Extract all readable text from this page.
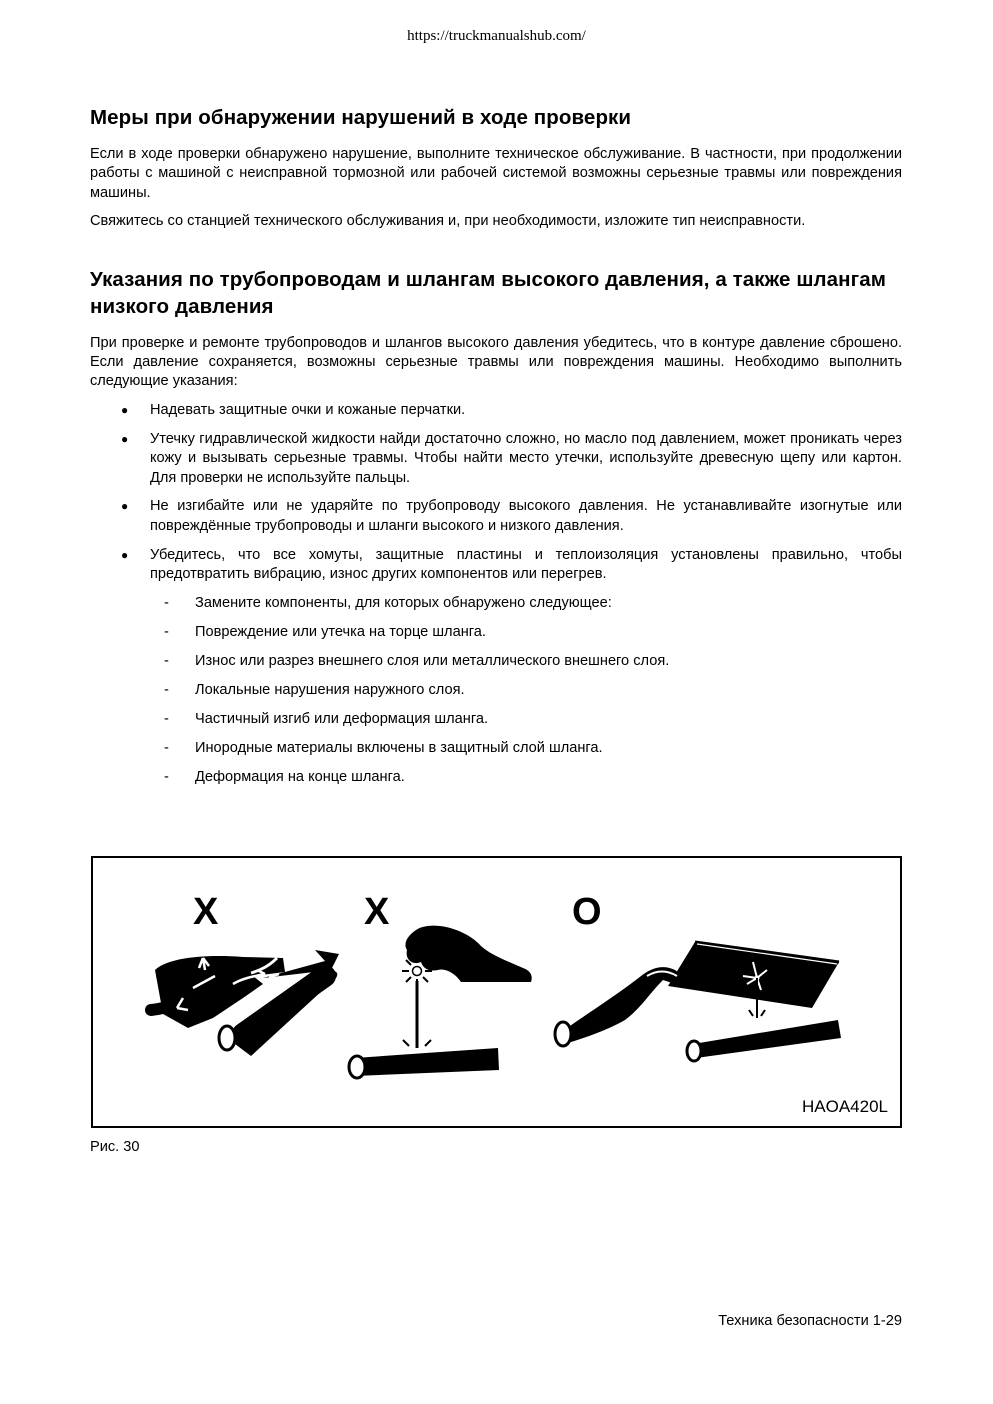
https://truckmanualshub.com/
Меры при обнаружении нарушений в ходе проверки

Если в ходе проверки обнаружено нарушение, выполните техническое обслуживание. В частности, при продолжении работы с машиной с неисправной тормозной или рабочей системой возможны серьезные травмы или повреждения машины.

Свяжитесь со станцией технического обслуживания и, при необходимости, изложите тип неисправности.

Указания по трубопроводам и шлангам высокого давления, а также шлангам низкого давления

При проверке и ремонте трубопроводов и шлангов высокого давления убедитесь, что в контуре давление сброшено. Если давление сохраняется, возможны серьезные травмы или повреждения машины. Необходимо выполнить следующие указания:

● Надевать защитные очки и кожаные перчатки.
● Утечку гидравлической жидкости найди достаточно сложно, но масло под давлением, может проникать через кожу и вызывать серьезные травмы. Чтобы найти место утечки, используйте древесную щепу или картон. Для проверки не используйте пальцы.
● Не изгибайте или не ударяйте по трубопроводу высокого давления. Не устанавливайте изогнутые или повреждённые трубопроводы и шланги высокого и низкого давления.
● Убедитесь, что все хомуты, защитные пластины и теплоизоляция установлены правильно, чтобы предотвратить вибрацию, износ других компонентов или перегрев.
- Замените компоненты, для которых обнаружено следующее:
- Повреждение или утечка на торце шланга.
- Износ или разрез внешнего слоя или металлического внешнего слоя.
- Локальные нарушения наружного слоя.
- Частичный изгиб или деформация шланга.
- Инородные материалы включены в защитный слой шланга.
- Деформация на конце шланга.
X	X	O
HAOA420L
Рис. 30
Техника безопасности 1-29
